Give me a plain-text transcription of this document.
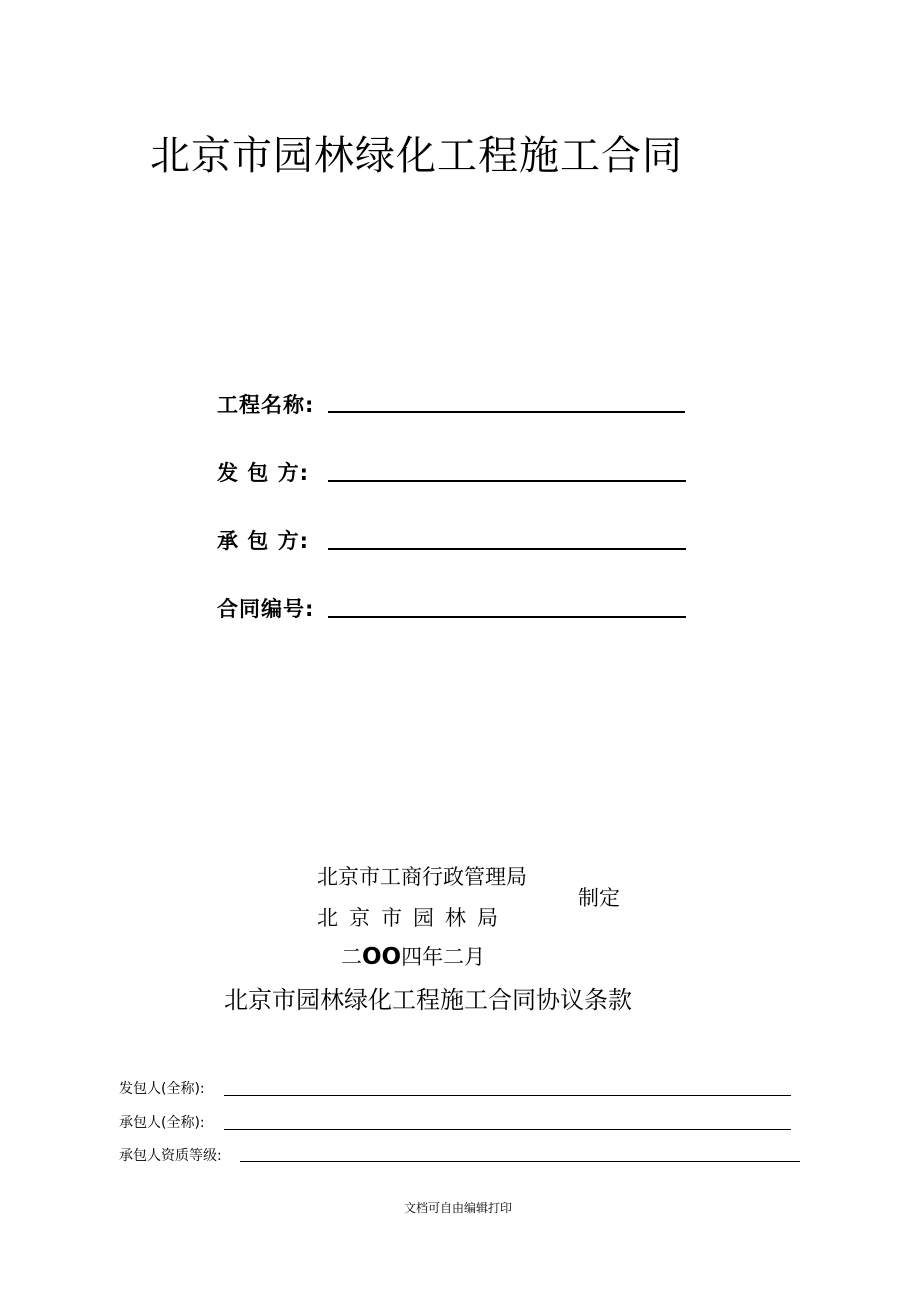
北京市园林绿化工程施工合同
工程名称:
发 包 方:
承 包 方:
合同编号:
北京市工商行政管理局
北京市园林局
制定
二OO四年二月
北京市园林绿化工程施工合同协议条款
发包人(全称):
承包人(全称):
承包人资质等级:
文档可自由编辑打印
